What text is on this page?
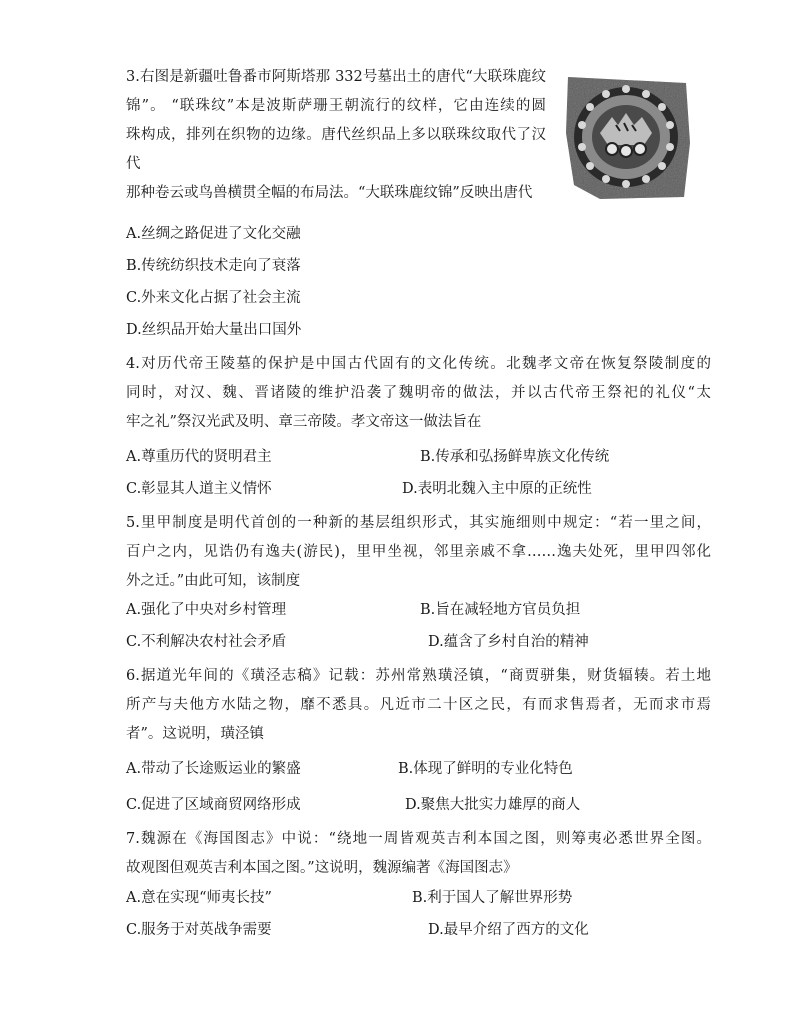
3.右图是新疆吐鲁番市阿斯塔那 332号墓出土的唐代“大联珠鹿纹
锦”。 “联珠纹”本是波斯萨珊王朝流行的纹样，它由连续的圆
珠构成，排列在织物的边缘。唐代丝织品上多以联珠纹取代了汉代
那种卷云或鸟兽横贯全幅的布局法。“大联珠鹿纹锦”反映出唐代
A.丝绸之路促进了文化交融
B.传统纺织技术走向了衰落
C.外来文化占据了社会主流
D.丝织品开始大量出口国外
4.对历代帝王陵墓的保护是中国古代固有的文化传统。北魏孝文帝在恢复祭陵制度的
同时，对汉、魏、晋诸陵的维护沿袭了魏明帝的做法，并以古代帝王祭祀的礼仪“太
牢之礼”祭汉光武及明、章三帝陵。孝文帝这一做法旨在
A.尊重历代的贤明君主	B.传承和弘扬鲜卑族文化传统
C.彰显其人道主义情怀	D.表明北魏入主中原的正统性
5.里甲制度是明代首创的一种新的基层组织形式，其实施细则中规定：“若一里之间，
百户之内，见诰仍有逸夫(游民)，里甲坐视，邻里亲戚不拿……逸夫处死，里甲四邻化
外之迁。”由此可知，该制度
A.强化了中央对乡村管理	B.旨在减轻地方官员负担
C.不利解决农村社会矛盾	D.蕴含了乡村自治的精神
6.据道光年间的《璜泾志稿》记载：苏州常熟璜泾镇，“商贾骈集，财货辐辏。若土地
所产与夫他方水陆之物，靡不悉具。凡近市二十区之民，有而求售焉者，无而求市焉
者”。这说明，璜泾镇
A.带动了长途贩运业的繁盛	B.体现了鲜明的专业化特色
C.促进了区域商贸网络形成	D.聚焦大批实力雄厚的商人
7.魏源在《海国图志》中说：“绕地一周皆观英吉利本国之图，则筹夷必悉世界全图。
故观图但观英吉利本国之图。”这说明，魏源编著《海国图志》
A.意在实现“师夷长技”	B.利于国人了解世界形势
C.服务于对英战争需要	D.最早介绍了西方的文化
